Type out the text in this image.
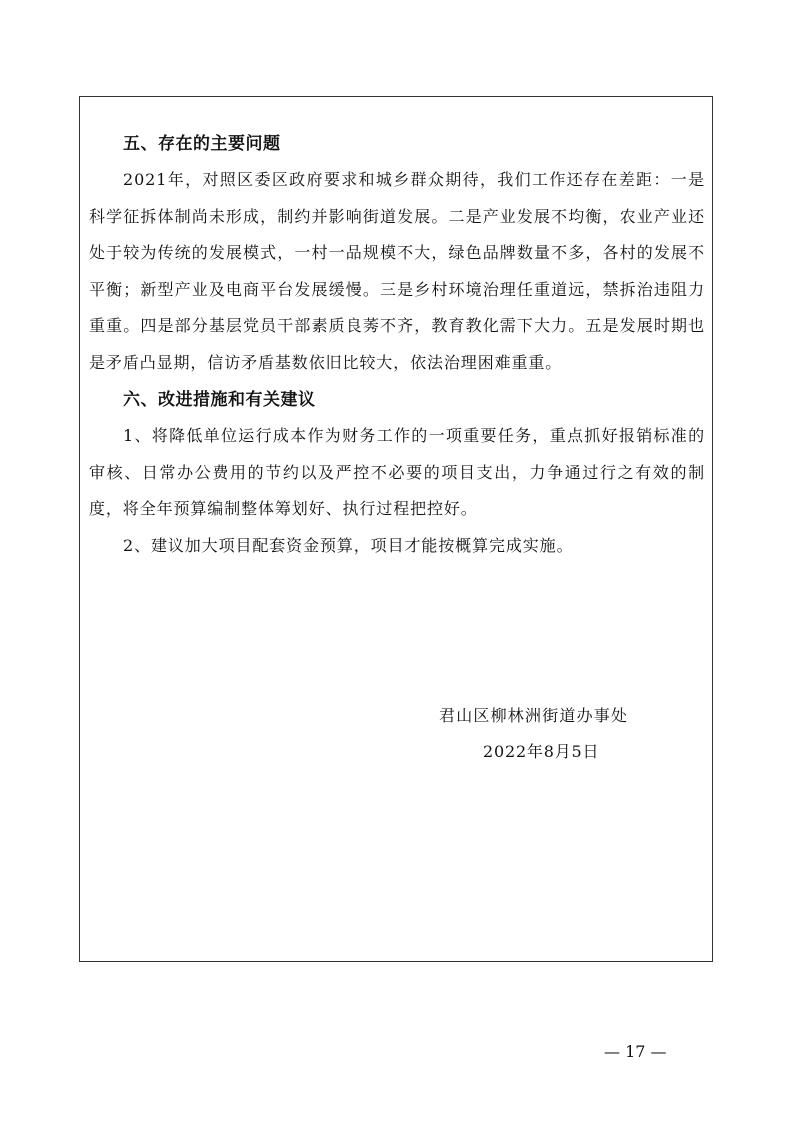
五、存在的主要问题

2021年，对照区委区政府要求和城乡群众期待，我们工作还存在差距：一是科学征拆体制尚未形成，制约并影响街道发展。二是产业发展不均衡，农业产业还处于较为传统的发展模式，一村一品规模不大，绿色品牌数量不多，各村的发展不平衡；新型产业及电商平台发展缓慢。三是乡村环境治理任重道远，禁拆治违阻力重重。四是部分基层党员干部素质良莠不齐，教育教化需下大力。五是发展时期也是矛盾凸显期，信访矛盾基数依旧比较大，依法治理困难重重。

六、改进措施和有关建议

1、将降低单位运行成本作为财务工作的一项重要任务，重点抓好报销标准的审核、日常办公费用的节约以及严控不必要的项目支出，力争通过行之有效的制度，将全年预算编制整体筹划好、执行过程把控好。

2、建议加大项目配套资金预算，项目才能按概算完成实施。

君山区柳林洲街道办事处
2022年8月5日
— 17 —
